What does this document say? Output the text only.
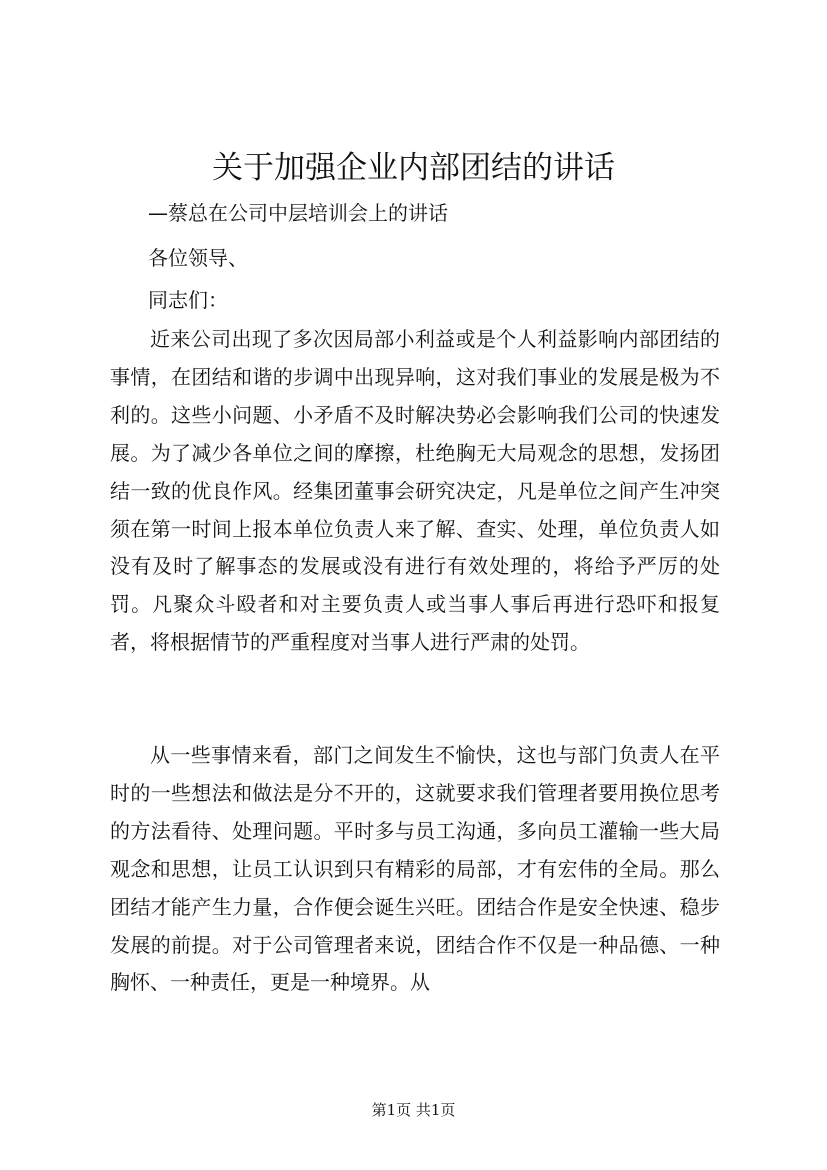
关于加强企业内部团结的讲话
—蔡总在公司中层培训会上的讲话
各位领导、
同志们：

近来公司出现了多次因局部小利益或是个人利益影响内部团结的事情，在团结和谐的步调中出现异响，这对我们事业的发展是极为不利的。这些小问题、小矛盾不及时解决势必会影响我们公司的快速发展。为了减少各单位之间的摩擦，杜绝胸无大局观念的思想，发扬团结一致的优良作风。经集团董事会研究决定，凡是单位之间产生冲突须在第一时间上报本单位负责人来了解、查实、处理，单位负责人如没有及时了解事态的发展或没有进行有效处理的，将给予严厉的处罚。凡聚众斗殴者和对主要负责人或当事人事后再进行恐吓和报复者，将根据情节的严重程度对当事人进行严肃的处罚。

从一些事情来看，部门之间发生不愉快，这也与部门负责人在平时的一些想法和做法是分不开的，这就要求我们管理者要用换位思考的方法看待、处理问题。平时多与员工沟通，多向员工灌输一些大局观念和思想，让员工认识到只有精彩的局部，才有宏伟的全局。那么团结才能产生力量，合作便会诞生兴旺。团结合作是安全快速、稳步发展的前提。对于公司管理者来说，团结合作不仅是一种品德、一种胸怀、一种责任，更是一种境界。从

第1页 共1页
